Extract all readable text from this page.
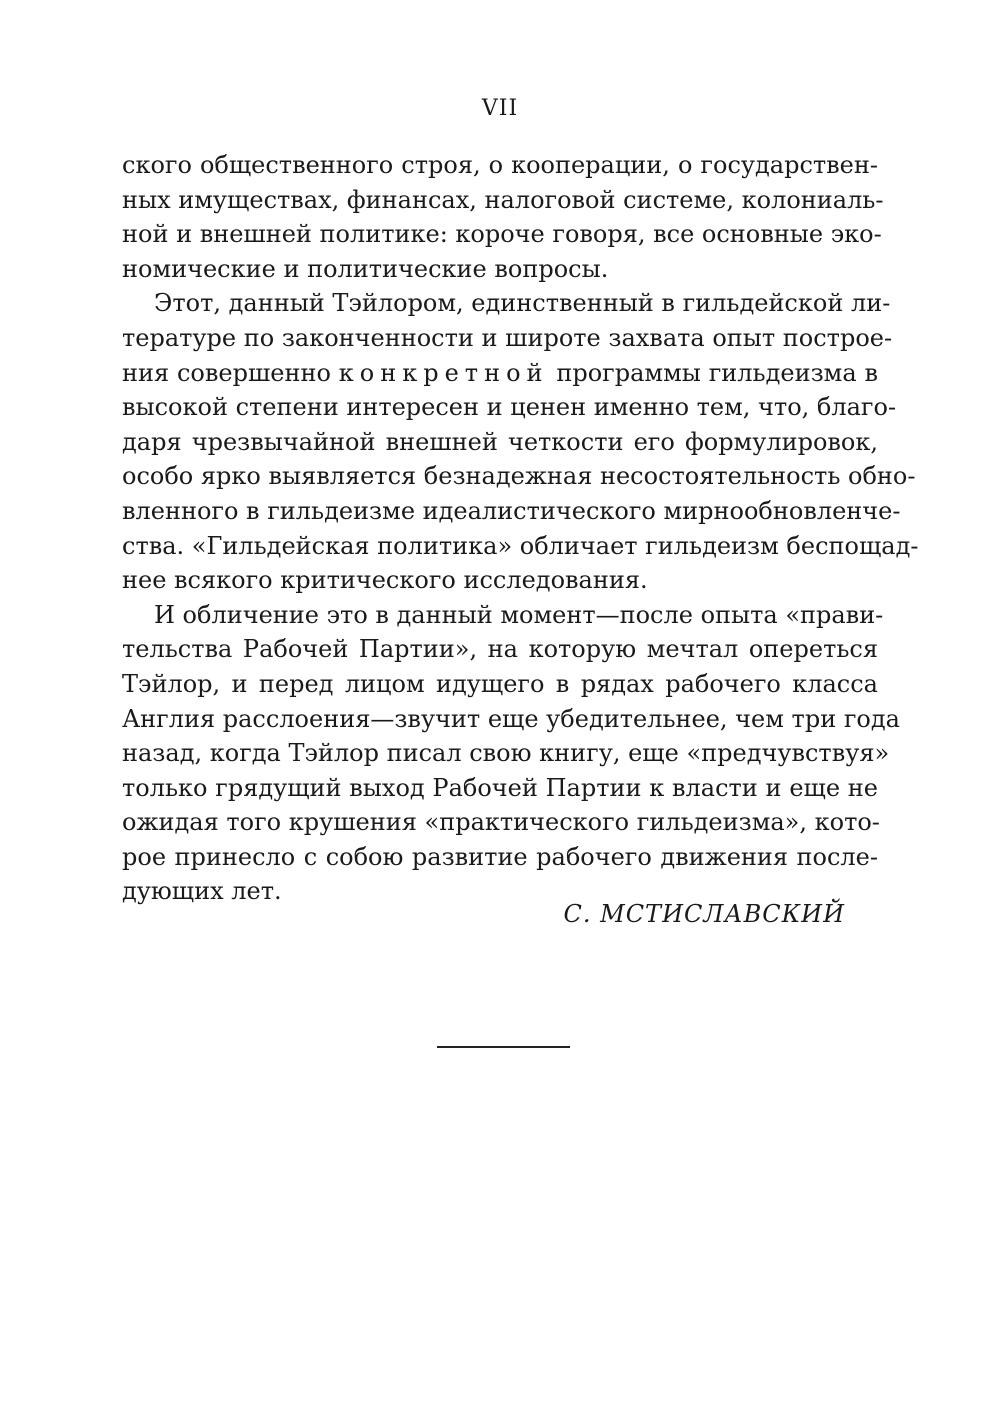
VII
ского общественного строя, о кооперации, о государствен-
ных имуществах, финансах, налоговой системе, колониаль-
ной и внешней политике: короче говоря, все основные эко-
номические и политические вопросы.
Этот, данный Тэйлором, единственный в гильдейской ли-
тературе по законченности и широте захвата опыт построе-
ния совершенно конкретной программы гильдеизма в
высокой степени интересен и ценен именно тем, что, благо-
даря чрезвычайной внешней четкости его формулировок,
особо ярко выявляется безнадежная несостоятельность обно-
вленного в гильдеизме идеалистического мирнообновленче-
ства. «Гильдейская политика» обличает гильдеизм беспощад-
нее всякого критического исследования.
И обличение это в данный момент—после опыта «прави-
тельства Рабочей Партии», на которую мечтал опереться
Тэйлор, и перед лицом идущего в рядах рабочего класса
Англия расслоения—звучит еще убедительнее, чем три года
назад, когда Тэйлор писал свою книгу, еще «предчувствуя»
только грядущий выход Рабочей Партии к власти и еще не
ожидая того крушения «практического гильдеизма», кото-
рое принесло с собою развитие рабочего движения после-
дующих лет.
С. МСТИСЛАВСКИЙ
